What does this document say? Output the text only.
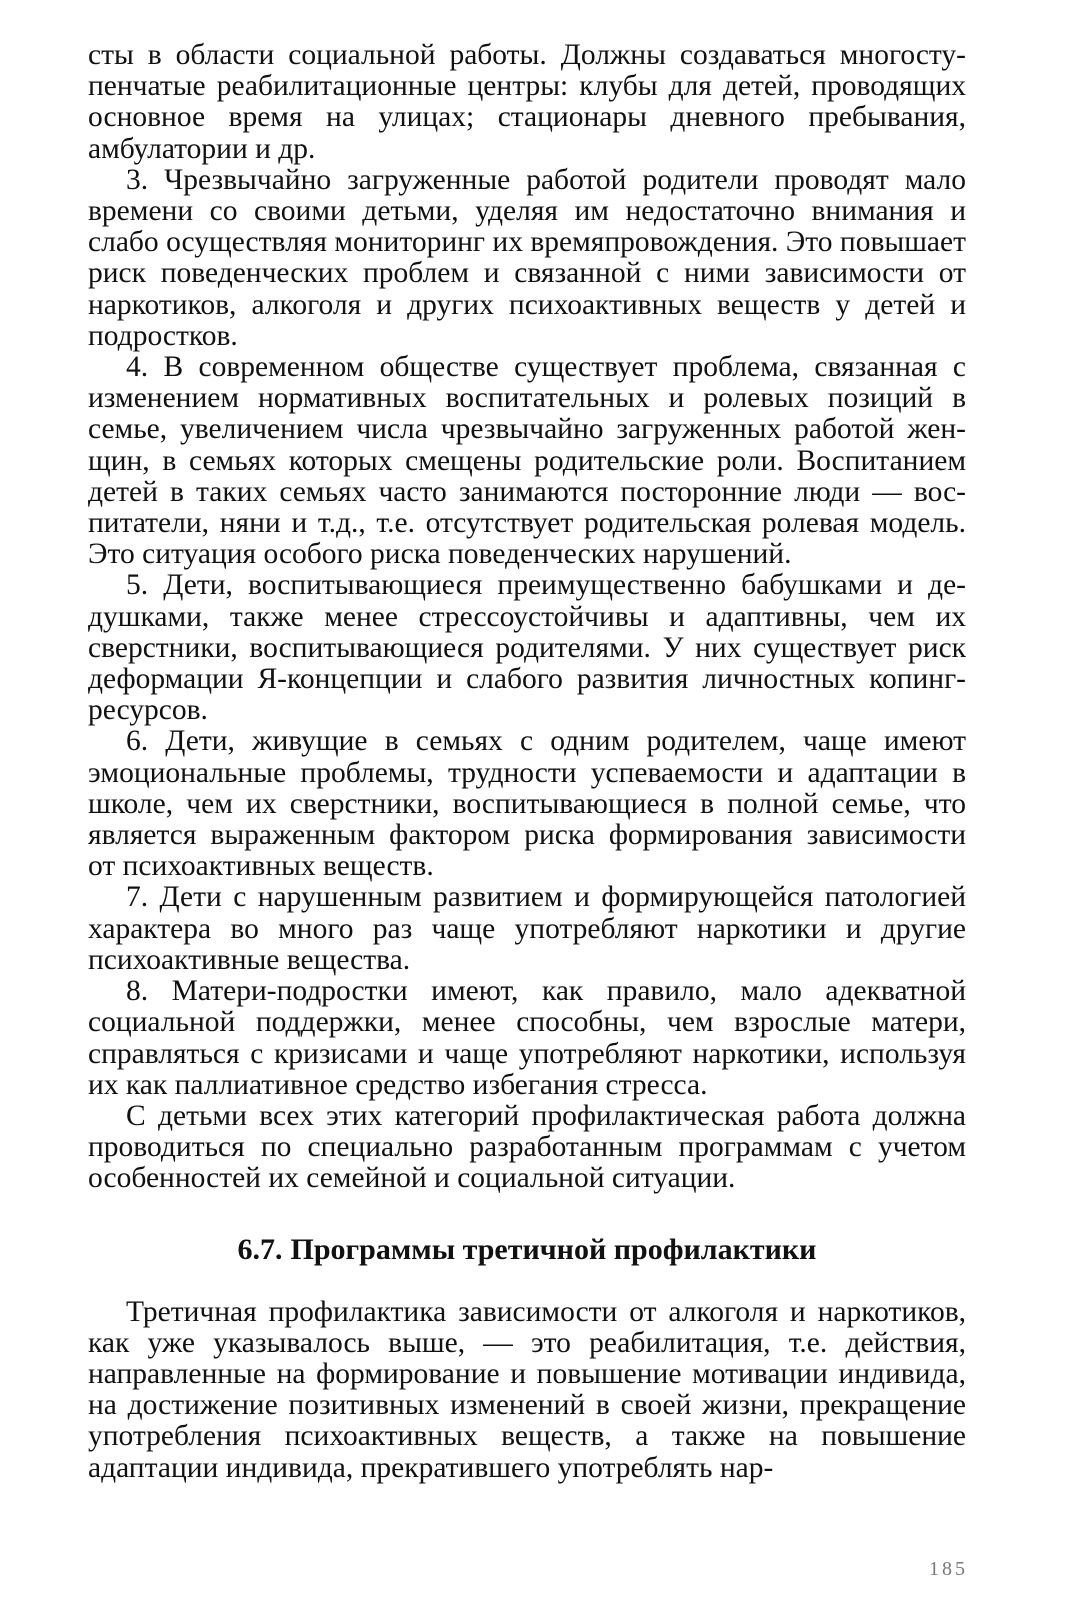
сты в области социальной работы. Должны создаваться многоступенчатые реабилитационные центры: клубы для детей, проводящих основное время на улицах; стационары дневного пребывания, амбулатории и др.

3. Чрезвычайно загруженные работой родители проводят мало времени со своими детьми, уделяя им недостаточно внимания и слабо осуществляя мониторинг их времяпровождения. Это повышает риск поведенческих проблем и связанной с ними зависимости от наркотиков, алкоголя и других психоактивных веществ у детей и подростков.

4. В современном обществе существует проблема, связанная с изменением нормативных воспитательных и ролевых позиций в семье, увеличением числа чрезвычайно загруженных работой женщин, в семьях которых смещены родительские роли. Воспитанием детей в таких семьях часто занимаются посторонние люди — воспитатели, няни и т.д., т.е. отсутствует родительская ролевая модель. Это ситуация особого риска поведенческих нарушений.

5. Дети, воспитывающиеся преимущественно бабушками и дедушками, также менее стрессоустойчивы и адаптивны, чем их сверстники, воспитывающиеся родителями. У них существует риск деформации Я-концепции и слабого развития личностных копинг-ресурсов.

6. Дети, живущие в семьях с одним родителем, чаще имеют эмоциональные проблемы, трудности успеваемости и адаптации в школе, чем их сверстники, воспитывающиеся в полной семье, что является выраженным фактором риска формирования зависимости от психоактивных веществ.

7. Дети с нарушенным развитием и формирующейся патологией характера во много раз чаще употребляют наркотики и другие психоактивные вещества.

8. Матери-подростки имеют, как правило, мало адекватной социальной поддержки, менее способны, чем взрослые матери, справляться с кризисами и чаще употребляют наркотики, используя их как паллиативное средство избегания стресса.

С детьми всех этих категорий профилактическая работа должна проводиться по специально разработанным программам с учетом особенностей их семейной и социальной ситуации.

6.7. Программы третичной профилактики

Третичная профилактика зависимости от алкоголя и наркотиков, как уже указывалось выше, — это реабилитация, т.е. действия, направленные на формирование и повышение мотивации индивида, на достижение позитивных изменений в своей жизни, прекращение употребления психоактивных веществ, а также на повышение адаптации индивида, прекратившего употреблять нар-

185
